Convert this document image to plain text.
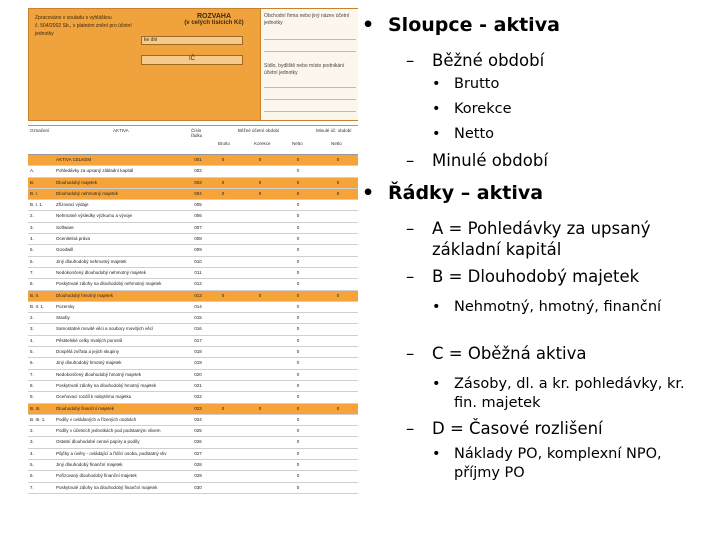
Zpracováno v souladu s vyhláškou
č. 504/2002 Sb., v platném znění pro účetní jednotky
ROZVAHA
(v celých tisících Kč)
ke dni
IČ
Obchodní firma nebo jiný název účetní jednotky
Sídlo, bydliště nebo místo podnikání účetní jednotky
Označení	AKTIVA	Číslo řádku
Běžné účetní období	Minulé úč. období
Brutto	Korekce	Netto	Netto
AKTIVA CELKEM	001	0	0	0	0
A.	Pohledávky za upsaný základní kapitál	002	0
B.	Dlouhodobý majetek	003	0	0	0	0
B. I.	Dlouhodobý nehmotný majetek	004	0	0	0	0
B. I. 1.	Zřizovací výdaje	005	0
2.	Nehmotné výsledky výzkumu a vývoje	006	0
3.	Software	007	0
4.	Ocenitelná práva	008	0
5.	Goodwill	009	0
6.	Jiný dlouhodobý nehmotný majetek	010	0
7.	Nedokončený dlouhodobý nehmotný majetek	011	0
8.	Poskytnuté zálohy na dlouhodobý nehmotný majetek	012	0
B. II.	Dlouhodobý hmotný majetek	013	0	0	0	0
B. II. 1.	Pozemky	014	0
2.	Stavby	015	0
3.	Samostatné movité věci a soubory movitých věcí	016	0
4.	Pěstitelské celky trvalých porostů	017	0
5.	Dospělá zvířata a jejich skupiny	018	0
6.	Jiný dlouhodobý hmotný majetek	019	0
7.	Nedokončený dlouhodobý hmotný majetek	020	0
8.	Poskytnuté zálohy na dlouhodobý hmotný majetek	021	0
9.	Oceňovací rozdíl k nabytému majetku	022	0
B. III.	Dlouhodobý finanční majetek	023	0	0	0	0
B. III. 1.	Podíly v ovládaných a řízených osobách	024	0
2.	Podíly v účetních jednotkách pod podstatným vlivem	025	0
3.	Ostatní dlouhodobé cenné papíry a podíly	026	0
4.	Půjčky a úvěry - ovládající a řídící osoba, podstatný vliv	027	0
5.	Jiný dlouhodobý finanční majetek	028	0
6.	Pořizovaný dlouhodobý finanční majetek	029	0
7.	Poskytnuté zálohy na dlouhodobý finanční majetek	030	0
• Sloupce - aktiva
–	Běžné období
• Brutto
• Korekce
• Netto
–	Minulé období
• Řádky – aktiva
–	A = Pohledávky za upsaný základní kapitál
–	B = Dlouhodobý majetek
• Nehmotný, hmotný, finanční
–	C = Oběžná aktiva
• Zásoby, dl. a kr. pohledávky, kr. fin. majetek
–	D = Časové rozlišení
• Náklady PO, komplexní NPO, příjmy PO
